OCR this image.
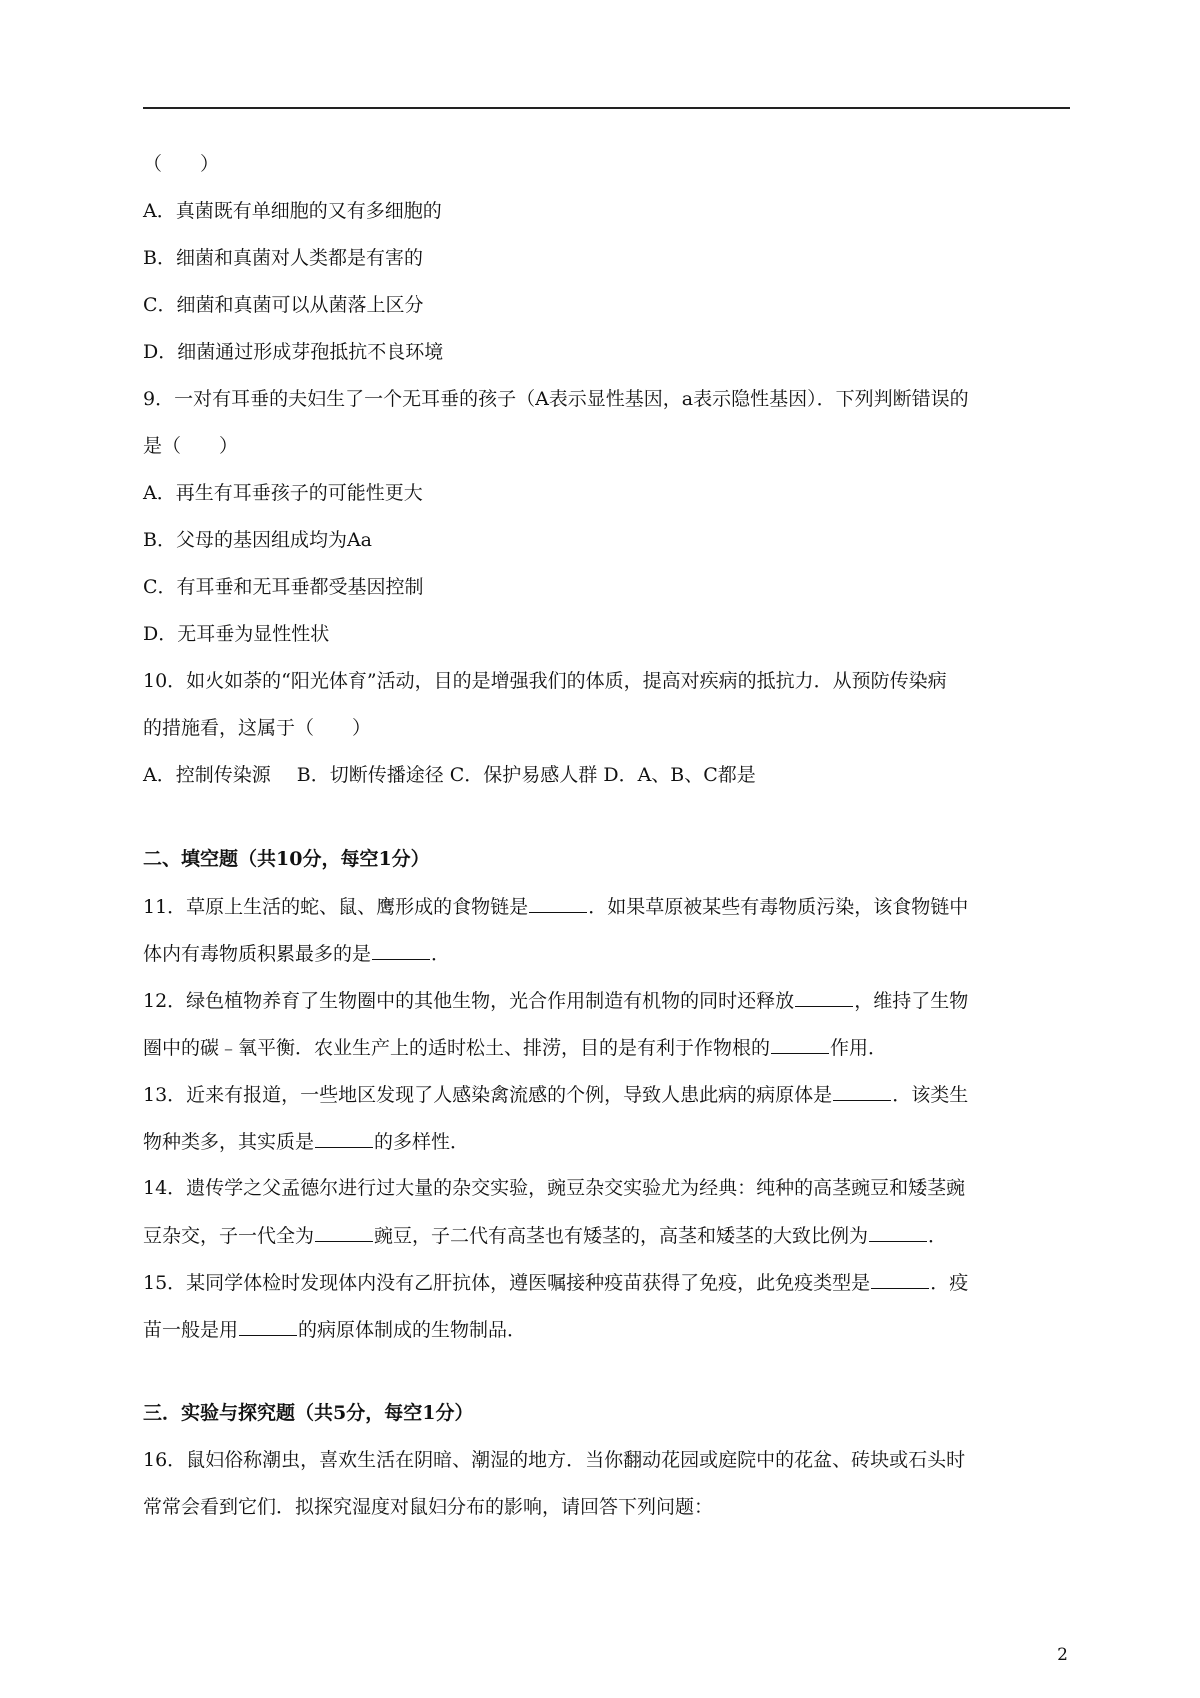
（　　）
A．真菌既有单细胞的又有多细胞的
B．细菌和真菌对人类都是有害的
C．细菌和真菌可以从菌落上区分
D．细菌通过形成芽孢抵抗不良环境
9．一对有耳垂的夫妇生了一个无耳垂的孩子（A表示显性基因，a表示隐性基因）．下列判断错误的
是（　　）
A．再生有耳垂孩子的可能性更大
B．父母的基因组成均为Aa
C．有耳垂和无耳垂都受基因控制
D．无耳垂为显性性状
10．如火如荼的“阳光体育”活动，目的是增强我们的体质，提高对疾病的抵抗力．从预防传染病
的措施看，这属于（　　）
A．控制传染源 B．切断传播途径 C．保护易感人群 D．A、B、C都是
二、填空题（共10分，每空1分）
11．草原上生活的蛇、鼠、鹰形成的食物链是	．如果草原被某些有毒物质污染，该食物链中
体内有毒物质积累最多的是	．
12．绿色植物养育了生物圈中的其他生物，光合作用制造有机物的同时还释放	，维持了生物
圈中的碳﹣氧平衡．农业生产上的适时松土、排涝，目的是有利于作物根的	作用．
13．近来有报道，一些地区发现了人感染禽流感的个例，导致人患此病的病原体是	．该类生
物种类多，其实质是	的多样性．
14．遗传学之父孟德尔进行过大量的杂交实验，豌豆杂交实验尤为经典：纯种的高茎豌豆和矮茎豌
豆杂交，子一代全为	豌豆，子二代有高茎也有矮茎的，高茎和矮茎的大致比例为	．
15．某同学体检时发现体内没有乙肝抗体，遵医嘱接种疫苗获得了免疫，此免疫类型是	．疫
苗一般是用	的病原体制成的生物制品．
三．实验与探究题（共5分，每空1分）
16．鼠妇俗称潮虫，喜欢生活在阴暗、潮湿的地方．当你翻动花园或庭院中的花盆、砖块或石头时
常常会看到它们．拟探究湿度对鼠妇分布的影响，请回答下列问题：
2
